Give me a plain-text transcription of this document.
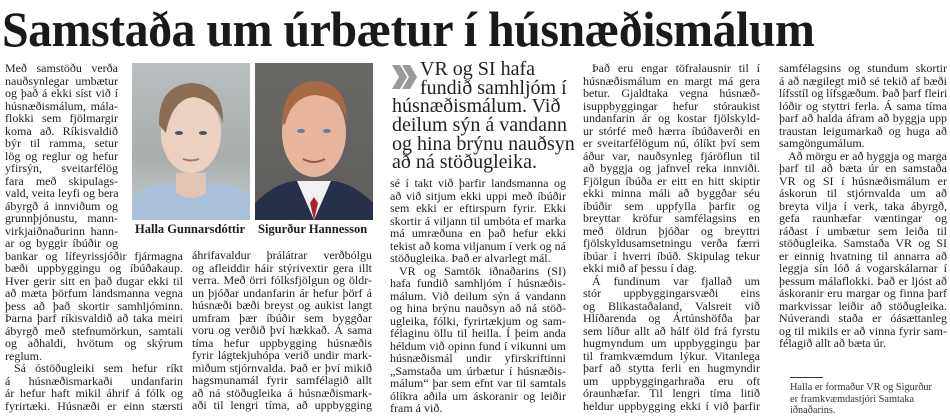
Samstaða um úrbætur í húsnæðismálum
Með samstöðu verða
nauðsynlegar umbætur
og það á ekki síst við í
húsnæðismálum, mála-
flokki sem fjölmargir
koma að. Ríkisvaldið
býr til ramma, setur
lög og reglur og hefur
yfirsýn, sveitarfélög
fara með skipulags-
vald, veita leyfi og bera
ábyrgð á innviðum og
grunnþjónustu, mann-
virkjaiðnaðurinn hann-
ar og byggir íbúðir og
bankar og lífeyrissjóðir fjármagna
bæði uppbyggingu og íbúðakaup.
Hver gerir sitt en það dugar ekki til
að mæta þörfum landsmanna vegna
þess að það skortir samhljóminn.
Þarna þarf ríkisvaldið að taka meiri
ábyrgð með stefnumörkun, samtali
og aðhaldi, hvötum og skýrum
reglum.
Sá óstöðugleiki sem hefur ríkt
á húsnæðismarkaði undanfarin
ár hefur haft mikil áhrif á fólk og
fyrirtæki. Húsnæði er einn stærsti
áhrifavaldur þrálátrar verðbólgu
og afleiddir háir stýrivextir gera illt
verra. Með örri fólksfjölgun og öldr-
un þjóðar undanfarin ár hefur þörf á
húsnæði bæði breyst og aukist langt
umfram þær íbúðir sem byggðar
voru og verðið því hækkað. Á sama
tíma hefur uppbygging húsnæðis
fyrir lágtekjuhópa verið undir mark-
miðum stjórnvalda. Það er því mikið
hagsmunamál fyrir samfélagið allt
að ná stöðugleika á húsnæðismark-
aði til lengri tíma, að uppbygging
sé í takt við þarfir landsmanna og
að við sitjum ekki uppi með íbúðir
sem ekki er eftirspurn fyrir. Ekki
skortir á viljann til umbóta ef marka
má umræðuna en það hefur ekki
tekist að koma viljanum í verk og ná
stöðugleika. Það er alvarlegt mál.
VR og Samtök iðnaðarins (SI)
hafa fundið samhljóm í húsnæðis-
málum. Við deilum sýn á vandann
og hina brýnu nauðsyn að ná stöð-
ugleika, fólki, fyrirtækjum og sam-
félaginu öllu til heilla. Í þeim anda
héldum við opinn fund í vikunni um
húsnæðismál undir yfirskriftinni
„Samstaða um úrbætur í húsnæðis-
málum“ þar sem efnt var til samtals
ólíkra aðila um áskoranir og leiðir
fram á við.
Það eru engar töfralausnir til í
húsnæðismálum en margt má gera
betur. Gjaldtaka vegna húsnæð-
isuppbyggingar hefur stóraukist
undanfarin ár og kostar fjölskyld-
ur stórfé með hærra íbúðaverði en
er sveitarfélögum nú, ólíkt því sem
áður var, nauðsynleg fjáröflun til
að byggja og jafnvel reka innviði.
Fjölgun íbúða er eitt en hitt skiptir
ekki minna máli að byggðar séu
íbúðir sem uppfylla þarfir og
breyttar kröfur samfélagsins en
með öldrun þjóðar og breyttri
fjölskyldusamsetningu verða færri
íbúar í hverri íbúð. Skipulag tekur
ekki mið af þessu í dag.
Á fundinum var fjallað um
stór uppbyggingarsvæði eins
og Blikastaðaland, Valsreit við
Hlíðarenda og Ártúnshöfða þar
sem líður allt að hálf öld frá fyrstu
hugmyndum um uppbyggingu þar
til framkvæmdum lýkur. Vitanlega
þarf að stytta ferli en hugmyndir
um uppbyggingarhraða eru oft
óraunhæfar. Til lengri tíma litið
heldur uppbygging ekki í við þarfir
samfélagsins og stundum skortir
á að nægilegt mið sé tekið af bæði
lífsstíl og lífsgæðum. Það þarf fleiri
lóðir og styttri ferla. Á sama tíma
þarf að halda áfram að byggja upp
traustan leigumarkað og huga að
samgöngumálum.
Að mörgu er að hyggja og marga
þarf til að bæta úr en samstaða
VR og SI í húsnæðismálum er
áskorun til stjórnvalda um að
breyta vilja í verk, taka ábyrgð,
gefa raunhæfar væntingar og
ráðast í umbætur sem leiða til
stöðugleika. Samstaða VR og SI
er einnig hvatning til annarra að
leggja sín lóð á vogarskálarnar í
þessum málaflokki. Það er ljóst að
áskoranir eru margar og finna þarf
markvissar leiðir að stöðugleika.
Núverandi staða er óásættanleg
og til mikils er að vinna fyrir sam-
félagið allt að bæta úr.
Halla Gunnarsdóttir Sigurður Hannesson
VR og SI hafa
fundið samhljóm í
húsnæðismálum. Við
deilum sýn á vandann
og hina brýnu nauðsyn
að ná stöðugleika.
Halla er formaður VR og Sigurður
er framkvæmdastjóri Samtaka
iðnaðarins.
